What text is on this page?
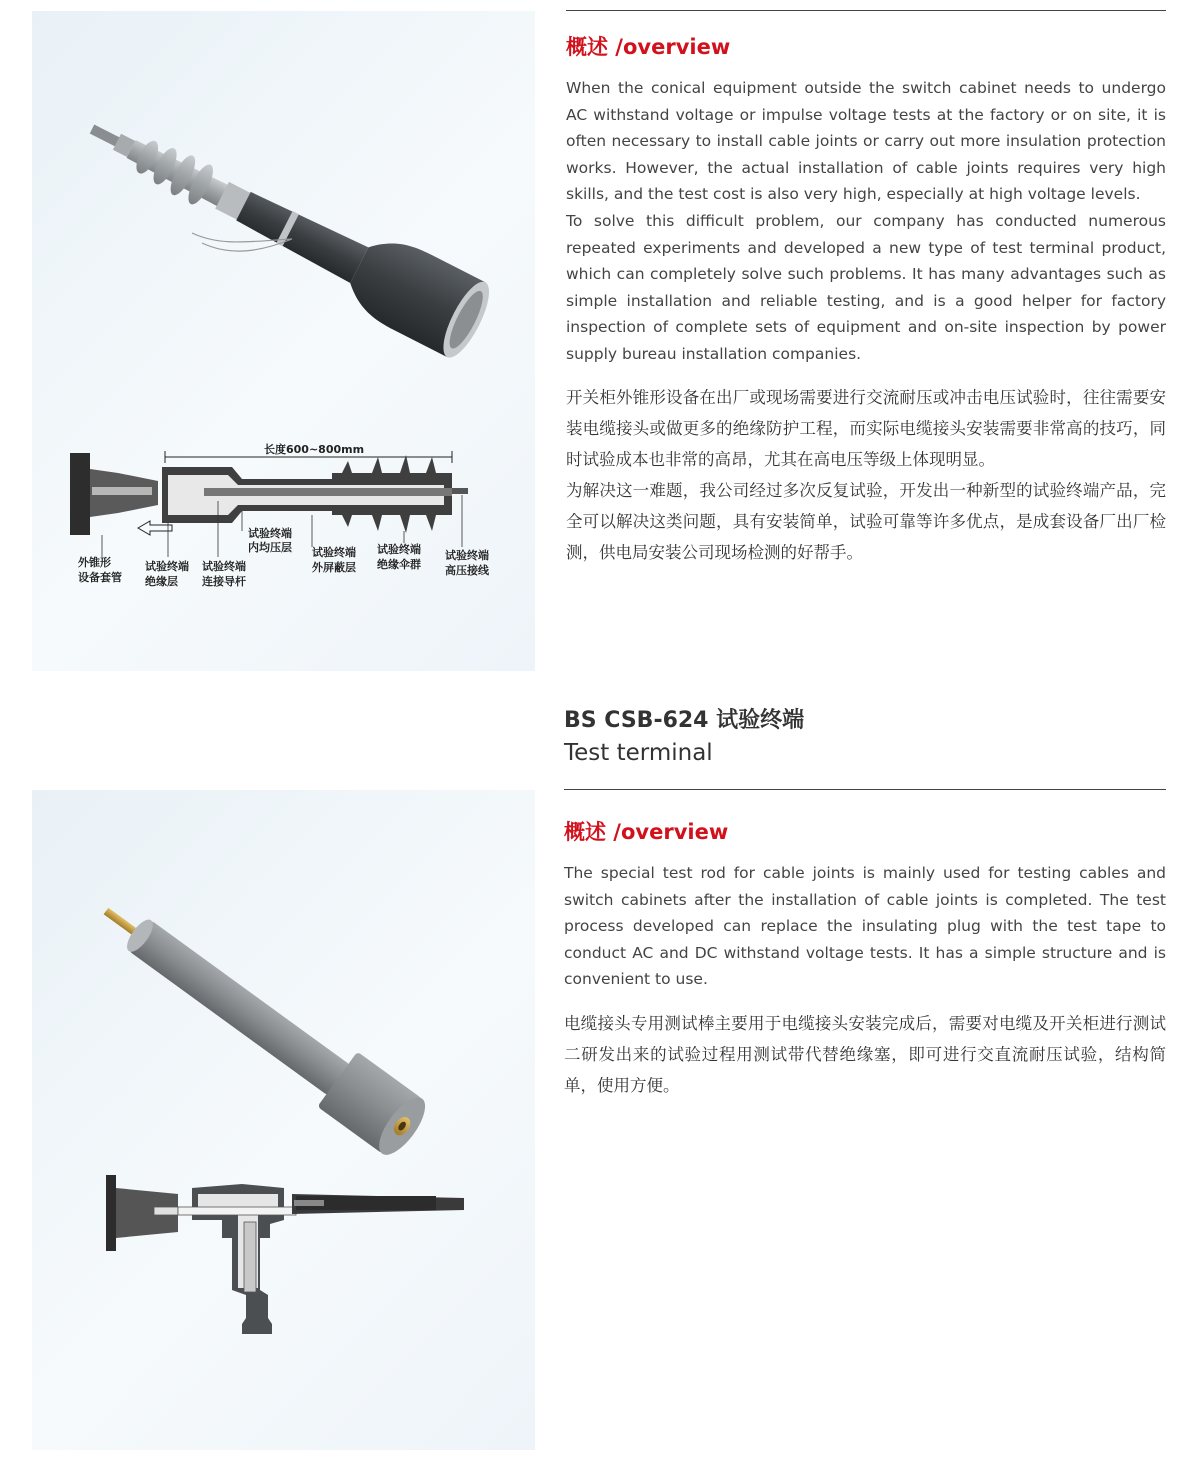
长度600~800mm
外锥形
设备套管
试验终端
绝缘层
试验终端
连接导杆
试验终端
内均压层 试验终端
外屏蔽层
试验终端
绝缘伞群
试验终端
高压接线
概述 /overview

When the conical equipment outside the switch cabinet needs to undergo AC withstand voltage or impulse voltage tests at the factory or on site, it is often necessary to install cable joints or carry out more insulation protection works. However, the actual installation of cable joints requires very high skills, and the test cost is also very high, especially at high voltage levels.

To solve this difficult problem, our company has conducted numerous repeated experiments and developed a new type of test terminal product, which can completely solve such problems. It has many advantages such as simple installation and reliable testing, and is a good helper for factory inspection of complete sets of equipment and on-site inspection by power supply bureau installation companies.

开关柜外锥形设备在出厂或现场需要进行交流耐压或冲击电压试验时，往往需要安装电缆接头或做更多的绝缘防护工程，而实际电缆接头安装需要非常高的技巧，同时试验成本也非常的高昂，尤其在高电压等级上体现明显。

为解决这一难题，我公司经过多次反复试验，开发出一种新型的试验终端产品，完全可以解决这类问题，具有安装简单，试验可靠等许多优点，是成套设备厂出厂检测，供电局安装公司现场检测的好帮手。

BS CSB-624 试验终端
Test terminal
概述 /overview

The special test rod for cable joints is mainly used for testing cables and switch cabinets after the installation of cable joints is completed. The test process developed can replace the insulating plug with the test tape to conduct AC and DC withstand voltage tests. It has a simple structure and is convenient to use.

电缆接头专用测试棒主要用于电缆接头安装完成后，需要对电缆及开关柜进行测试二研发出来的试验过程用测试带代替绝缘塞，即可进行交直流耐压试验，结构简单，使用方便。
